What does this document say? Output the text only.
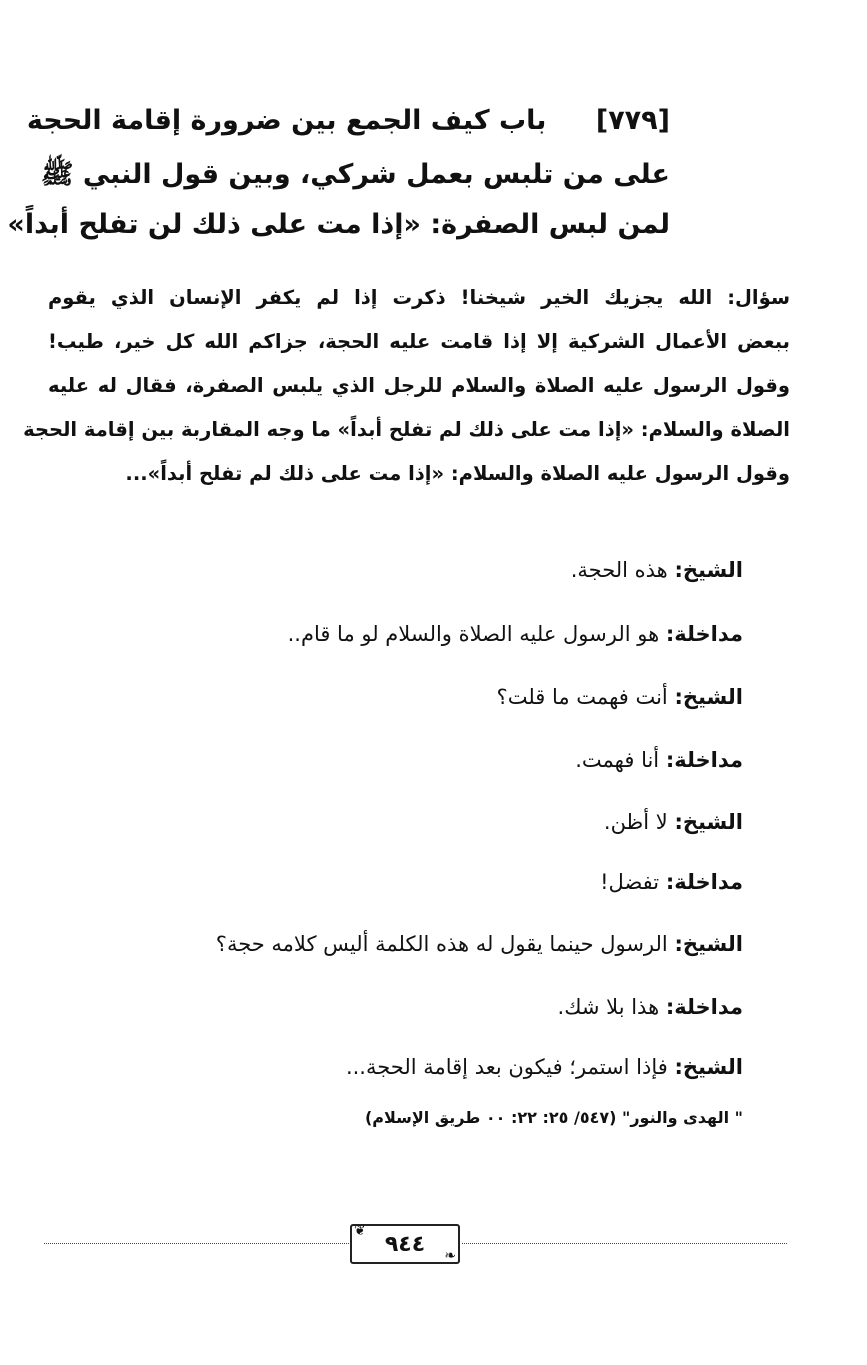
[٧٧٩] باب كيف الجمع بين ضرورة إقامة الحجة
على من تلبس بعمل شركي، وبين قول النبي ﷺ
لمن لبس الصفرة: «إذا مت على ذلك لن تفلح أبداً»
سؤال: الله يجزيك الخير شيخنا! ذكرت إذا لم يكفر الإنسان الذي يقوم
ببعض الأعمال الشركية إلا إذا قامت عليه الحجة، جزاكم الله كل خير، طيب!
وقول الرسول عليه الصلاة والسلام للرجل الذي يلبس الصفرة، فقال له عليه
الصلاة والسلام: «إذا مت على ذلك لم تفلح أبداً» ما وجه المقاربة بين إقامة الحجة
وقول الرسول عليه الصلاة والسلام: «إذا مت على ذلك لم تفلح أبداً»...
الشيخ: هذه الحجة.
مداخلة: هو الرسول عليه الصلاة والسلام لو ما قام..
الشيخ: أنت فهمت ما قلت؟
مداخلة: أنا فهمت.
الشيخ: لا أظن.
مداخلة: تفضل!
الشيخ: الرسول حينما يقول له هذه الكلمة أليس كلامه حجة؟
مداخلة: هذا بلا شك.
الشيخ: فإذا استمر؛ فيكون بعد إقامة الحجة...
" الهدى والنور" (٥٤٧/ ٢٥: ٢٢: ٠٠ طريق الإسلام)
❦
٩٤٤	❧
